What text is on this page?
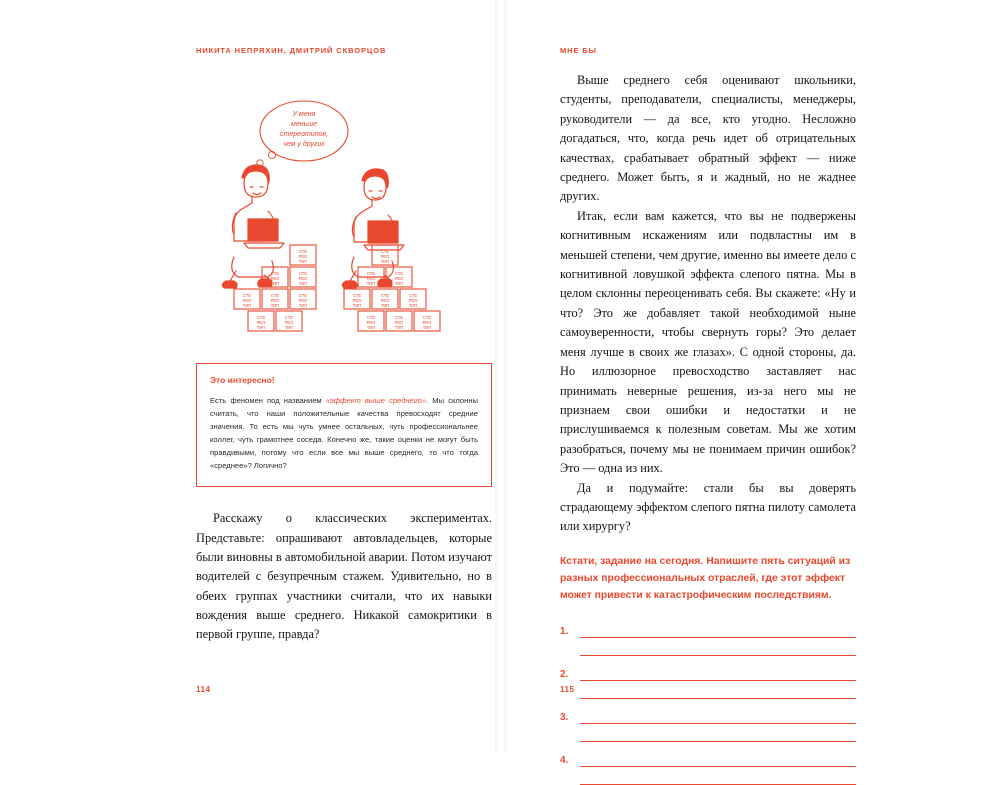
НИКИТА НЕПРЯХИН, ДМИТРИЙ СКВОРЦОВ
СТЕ
РЕО
ТИП
У меня
меньше
стереотипов,
чем у других
Это интересно!

Есть феномен под названием «эффект выше среднего». Мы склонны считать, что наши положительные качества превосходят средние значения. То есть мы чуть умнее остальных, чуть профессиональнее коллег, чуть грамотнее соседа. Конечно же, такие оценки не могут быть правдивыми, потому что если все мы выше среднего, то что тогда «среднее»? Логично?

Расскажу о классических экспериментах. Представьте: опрашивают автовладельцев, которые были виновны в автомобильной аварии. Потом изучают водителей с безупречным стажем. Удивительно, но в обеих группах участники считали, что их навыки вождения выше среднего. Никакой самокритики в первой группе, правда?

114
МНЕ БЫ

Выше среднего себя оценивают школьники, студенты, преподаватели, специалисты, менеджеры, руководители — да все, кто угодно. Несложно догадаться, что, когда речь идет об отрицательных качествах, срабатывает обратный эффект — ниже среднего. Может быть, я и жадный, но не жаднее других.

Итак, если вам кажется, что вы не подвержены когнитивным искажениям или подвластны им в меньшей степени, чем другие, именно вы имеете дело с когнитивной ловушкой эффекта слепого пятна. Мы в целом склонны переоценивать себя. Вы скажете: «Ну и что? Это же добавляет такой необходимой ныне самоуверенности, чтобы свернуть горы? Это делает меня лучше в своих же глазах». С одной стороны, да. Но иллюзорное превосходство заставляет нас принимать неверные решения, из-за него мы не признаем свои ошибки и недостатки и не прислушиваемся к полезным советам. Мы же хотим разобраться, почему мы не понимаем причин ошибок? Это — одна из них.

Да и подумайте: стали бы вы доверять страдающему эффектом слепого пятна пилоту самолета или хирургу?

Кстати, задание на сегодня. Напишите пять ситуаций из разных профессиональных отраслей, где этот эффект может привести к катастрофическим последствиям.

1.
2.
3.
4.
115
